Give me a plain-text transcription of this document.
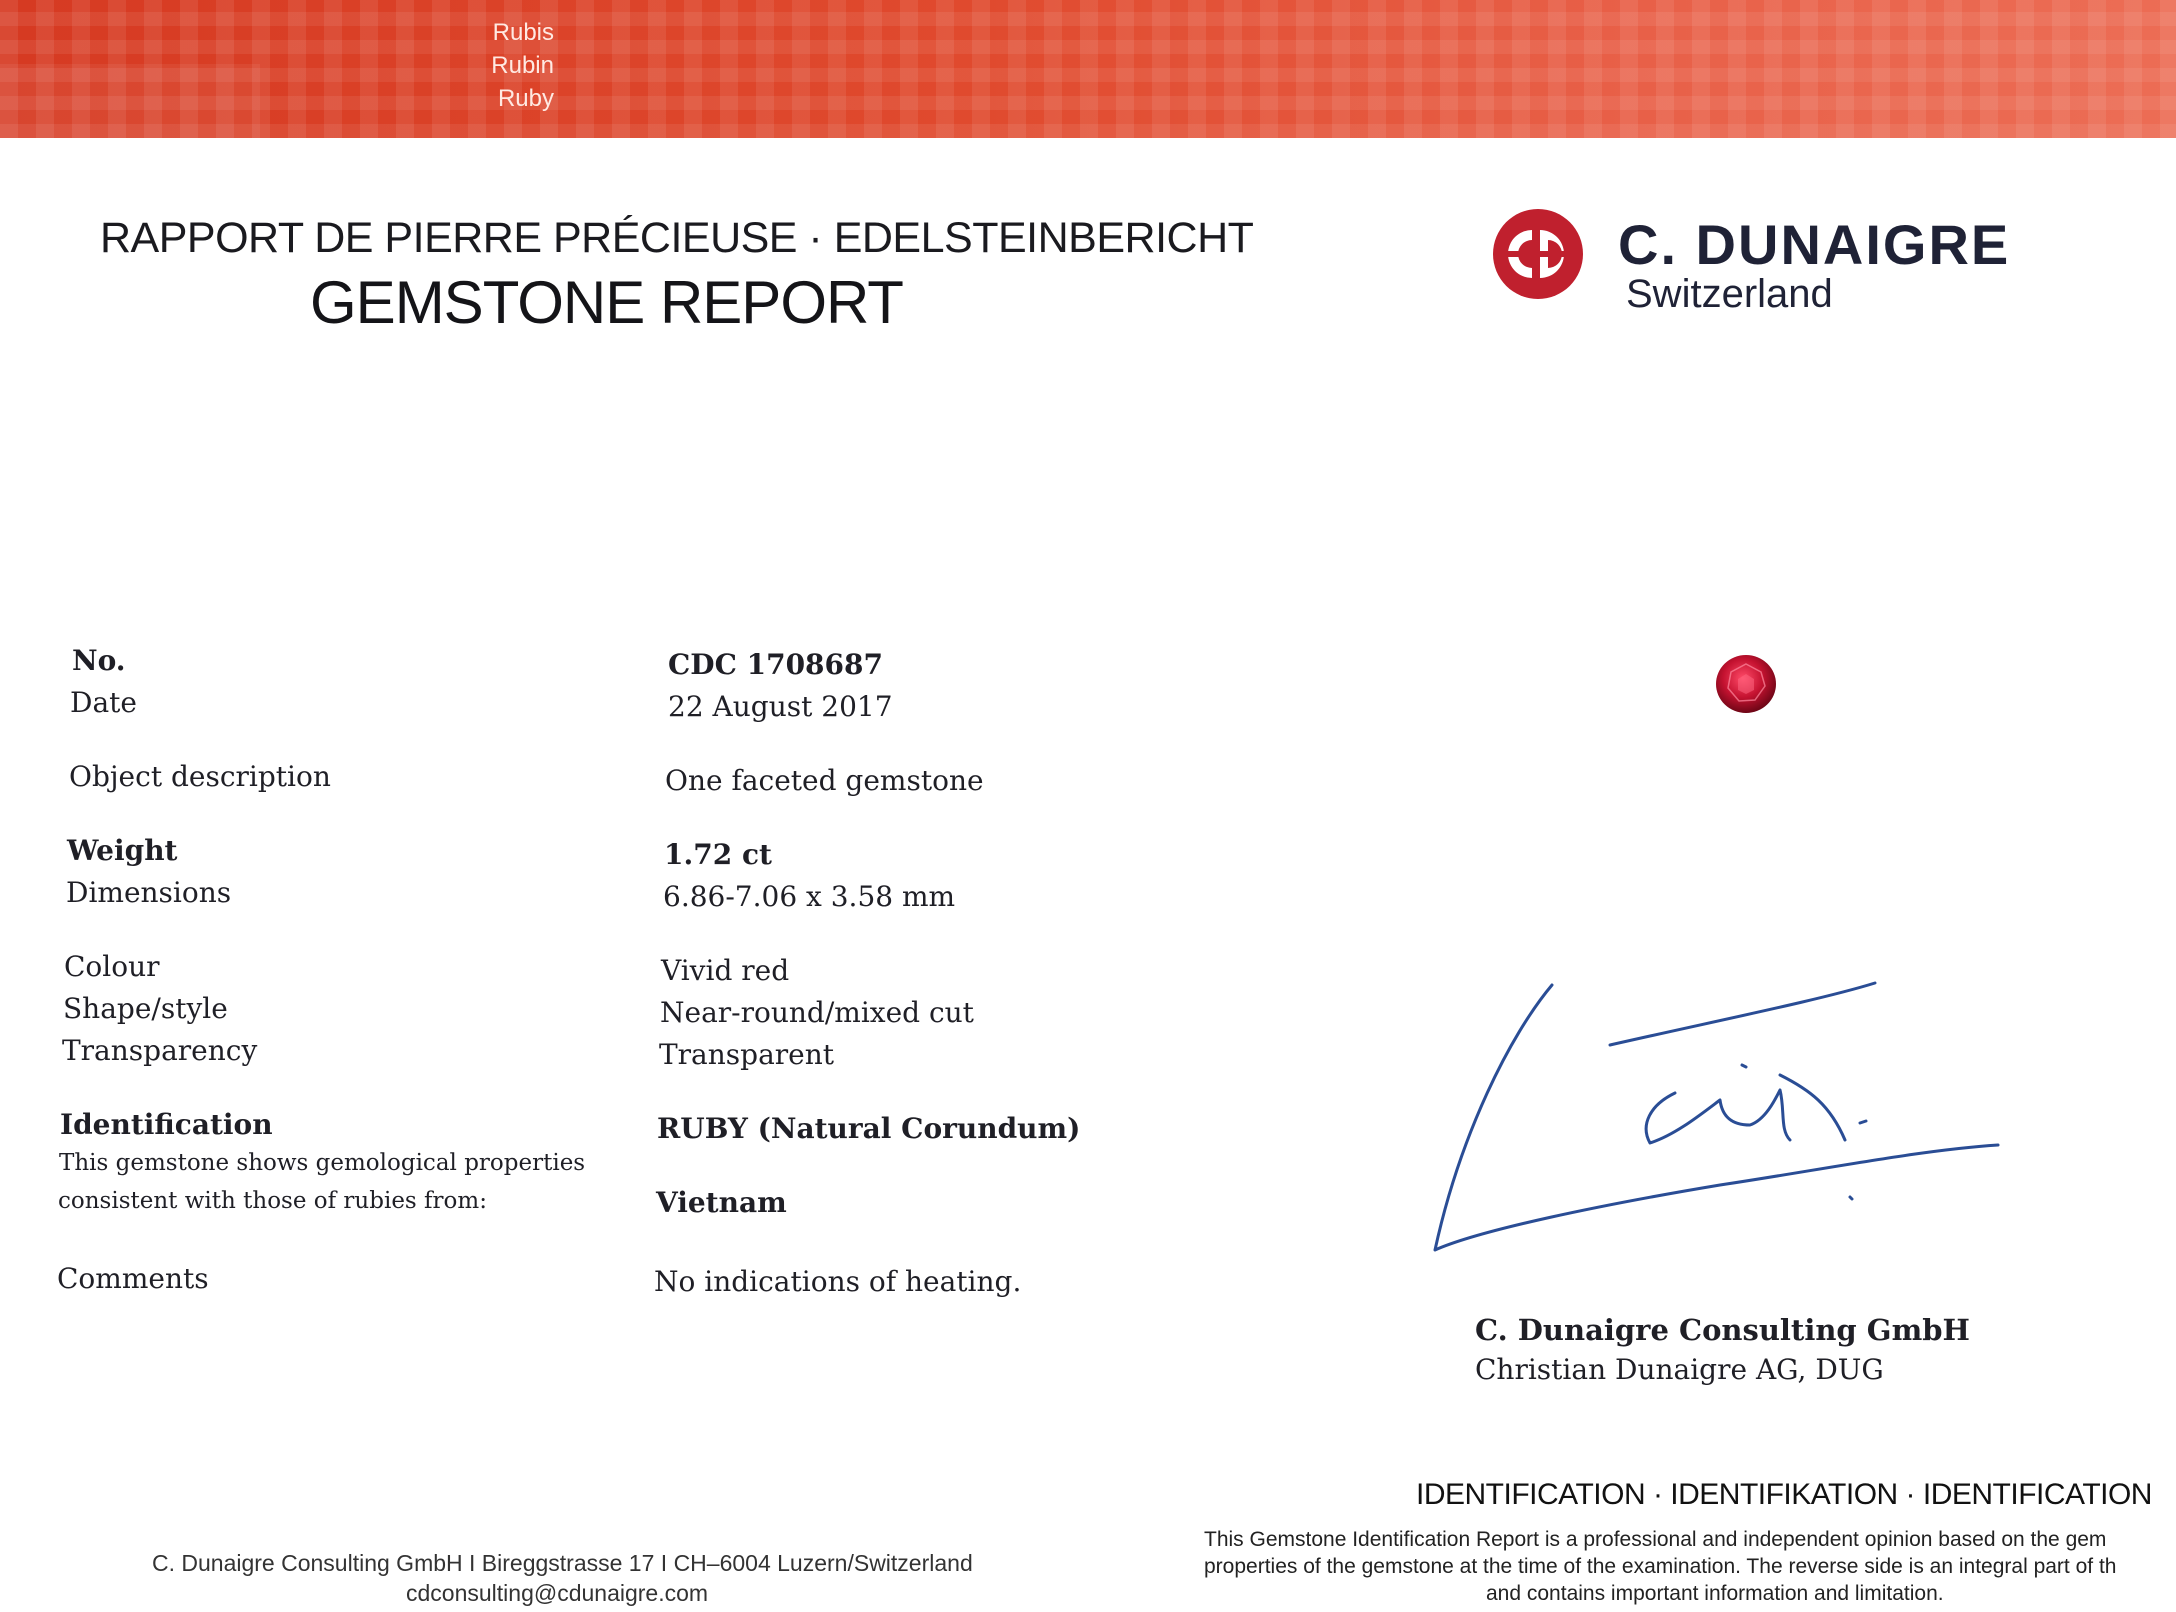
Rubis
Rubin
Ruby
RAPPORT DE PIERRE PRÉCIEUSE · EDELSTEINBERICHT
GEMSTONE REPORT
C. DUNAIGRE
Switzerland
No.
Date
Object description
Weight
Dimensions
Colour
Shape/style
Transparency
Identification
This gemstone shows gemological properties
consistent with those of rubies from:
Comments
CDC 1708687
22 August 2017
One faceted gemstone
1.72 ct
6.86-7.06 x 3.58 mm
Vivid red
Near-round/mixed cut
Transparent
RUBY (Natural Corundum)
Vietnam
No indications of heating.
C. Dunaigre Consulting GmbH
Christian Dunaigre AG, DUG
IDENTIFICATION · IDENTIFIKATION · IDENTIFICATION
This Gemstone Identification Report is a professional and independent opinion based on the gem
properties of the gemstone at the time of the examination. The reverse side is an integral part of th
and contains important information and limitation.
C. Dunaigre Consulting GmbH I Bireggstrasse 17 I CH–6004 Luzern/Switzerland
cdconsulting@cdunaigre.com
